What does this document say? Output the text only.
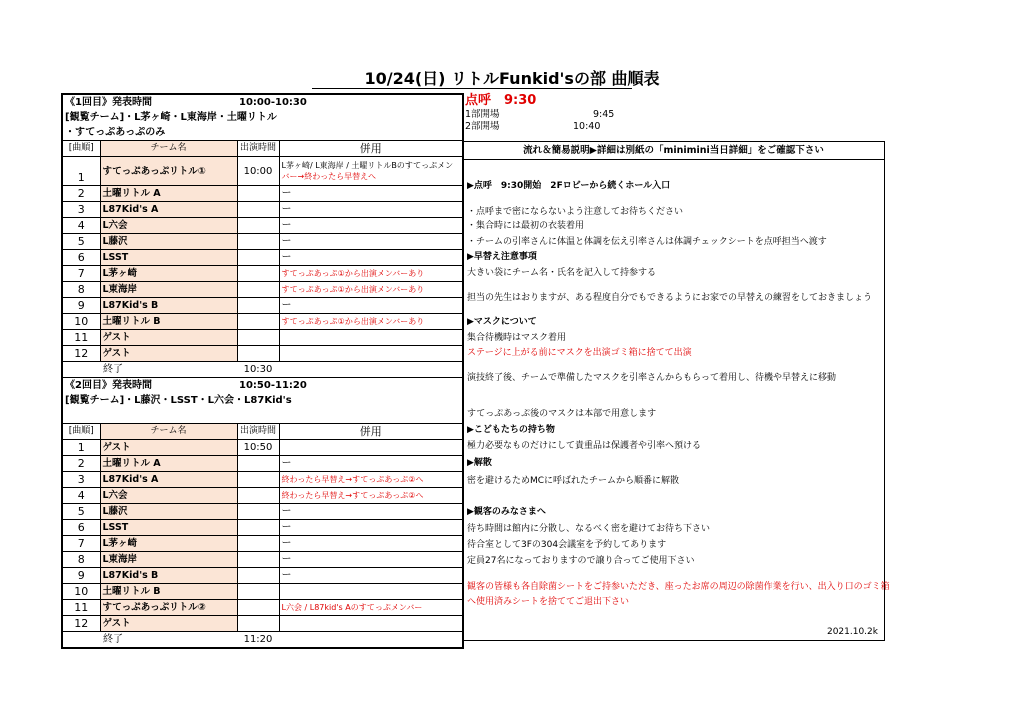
10/24(日) リトルFunkid'sの部 曲順表
《1回目》発表時間		10:00-10:30	
[観覧チーム]・L茅ヶ崎・L東海岸・土曜リトル			
・すてっぷあっぷのみ			
[曲順]	チーム名	出演時間	併用
1	すてっぷあっぷリトル①	10:00	L茅ヶ崎/ L東海岸 / 土曜リトルBのすてっぷメン
バー→終わったら早替えへ

2	土曜リトル A		ー
3	L87Kid's A		ー
4	L六会		ー
5	L藤沢		ー
6	LSST		ー
7	L茅ヶ崎		すてっぷあっぷ①から出演メンバーあり
8	L東海岸		すてっぷあっぷ①から出演メンバーあり
9	L87Kid's B		ー
10	土曜リトル B		すてっぷあっぷ①から出演メンバーあり
11	ゲスト		
12	ゲスト		
終了		10:30	
《2回目》発表時間		10:50-11:20	
[観覧チーム]・L藤沢・LSST・L六会・L87Kid's			

[曲順]	チーム名	出演時間	併用
1	ゲスト	10:50	
2	土曜リトル A		ー
3	L87Kid's A		終わったら早替え→すてっぷあっぷ②へ
4	L六会		終わったら早替え→すてっぷあっぷ②へ
5	L藤沢		ー
6	LSST		ー
7	L茅ヶ崎		ー
8	L東海岸		ー
9	L87Kid's B		ー
10	土曜リトル B		
11	すてっぷあっぷリトル②		L六会 / L87kid's Aのすてっぷメンバー
12	ゲスト		
終了		11:20	
点呼　9:30
1部開場	9:45
2部開場	10:40
流れ＆簡易説明▶詳細は別紙の「minimini当日詳細」をご確認下さい
▶点呼　9:30開始　2Fロビーから続くホール入口
・点呼まで密にならないよう注意してお待ちください
・集合時には最初の衣装着用
・チームの引率さんに体温と体調を伝え引率さんは体調チェックシートを点呼担当へ渡す
▶早替え注意事項
大きい袋にチーム名・氏名を記入して持参する
担当の先生はおりますが、ある程度自分でもできるようにお家での早替えの練習をしておきましょう
▶マスクについて
集合待機時はマスク着用
ステージに上がる前にマスクを出演ゴミ箱に捨てて出演
演技終了後、チームで準備したマスクを引率さんからもらって着用し、待機や早替えに移動
すてっぷあっぷ後のマスクは本部で用意します
▶こどもたちの持ち物
極力必要なものだけにして貴重品は保護者や引率へ預ける
▶解散
密を避けるためMCに呼ばれたチームから順番に解散
▶観客のみなさまへ
待ち時間は館内に分散し、なるべく密を避けてお待ち下さい
待合室として3Fの304会議室を予約してあります
定員27名になっておりますので譲り合ってご使用下さい
観客の皆様も各自除菌シートをご持参いただき、座ったお席の周辺の除菌作業を行い、出入り口のゴミ箱
へ使用済みシートを捨ててご退出下さい
2021.10.2k
